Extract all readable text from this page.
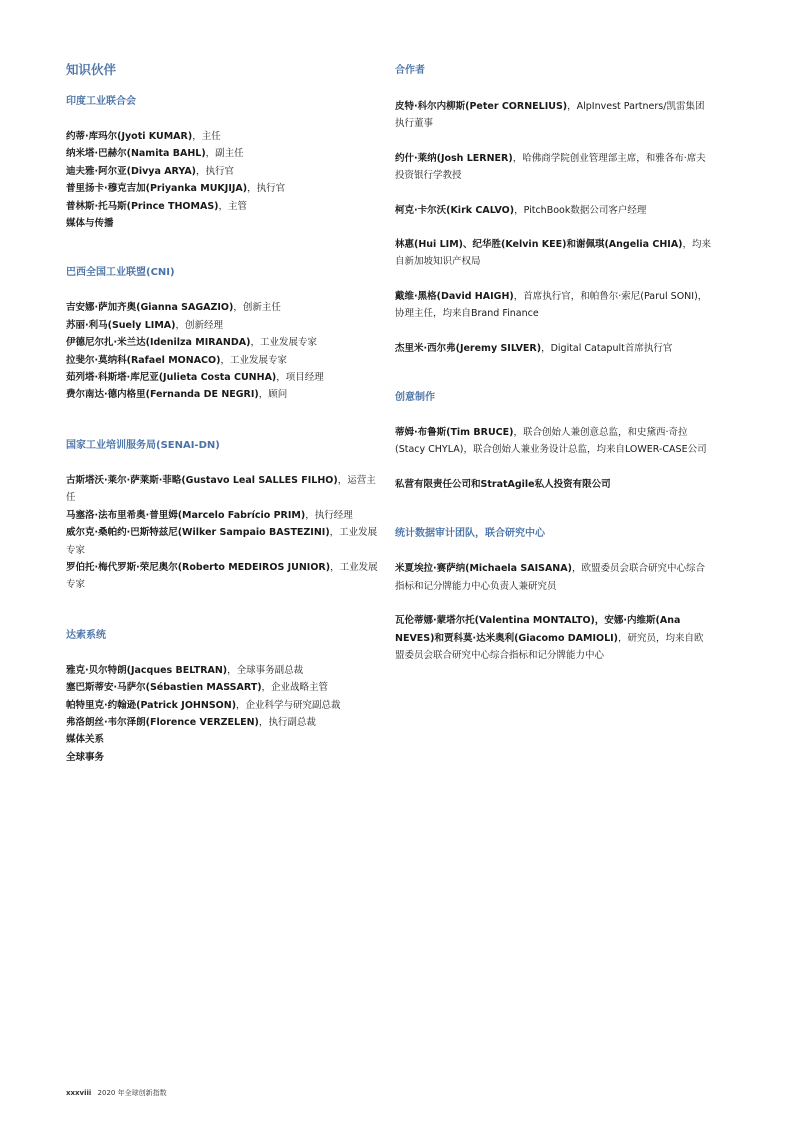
知识伙伴
印度工业联合会
约蒂·库玛尔(Jyoti KUMAR)，主任
纳米塔·巴赫尔(Namita BAHL)，副主任
迪夫雅·阿尔亚(Divya ARYA)，执行官
普里扬卡·穆克吉加(Priyanka MUKJIJA)，执行官
普林斯·托马斯(Prince THOMAS)，主管
媒体与传播
巴西全国工业联盟(CNI)
吉安娜·萨加齐奥(Gianna SAGAZIO)，创新主任
苏丽·利马(Suely LIMA)，创新经理
伊德尼尔扎·米兰达(Idenilza MIRANDA)，工业发展专家
拉斐尔·莫纳科(Rafael MONACO)，工业发展专家
茹列塔·科斯塔·库尼亚(Julieta Costa CUNHA)，项目经理
费尔南达·德内格里(Fernanda DE NEGRI)，顾问
国家工业培训服务局(SENAI-DN)
古斯塔沃·莱尔·萨莱斯·菲略(Gustavo Leal SALLES FILHO)，运营主任
马塞洛·法布里希奥·普里姆(Marcelo Fabrício PRIM)，执行经理
威尔克·桑帕约·巴斯特兹尼(Wilker Sampaio BASTEZINI)，工业发展专家
罗伯托·梅代罗斯·荣尼奥尔(Roberto MEDEIROS JUNIOR)，工业发展专家
达索系统
雅克·贝尔特朗(Jacques BELTRAN)，全球事务副总裁
塞巴斯蒂安·马萨尔(Sébastien MASSART)，企业战略主管
帕特里克·约翰逊(Patrick JOHNSON)，企业科学与研究副总裁
弗洛朗丝·韦尔泽朗(Florence VERZELEN)，执行副总裁
媒体关系
全球事务
合作者
皮特·科尔内柳斯(Peter CORNELIUS)，AlpInvest Partners/凯雷集团执行董事
约什·莱纳(Josh LERNER)，哈佛商学院创业管理部主席，和雅各布·席夫投资银行学教授
柯克·卡尔沃(Kirk CALVO)，PitchBook数据公司客户经理
林惠(Hui LIM)、纪华胜(Kelvin KEE)和谢佩琪(Angelia CHIA)，均来自新加坡知识产权局
戴维·黑格(David HAIGH)，首席执行官，和帕鲁尔·索尼(Parul SONI)，协理主任，均来自Brand Finance
杰里米·西尔弗(Jeremy SILVER)，Digital Catapult首席执行官
创意制作
蒂姆·布鲁斯(Tim BRUCE)，联合创始人兼创意总监，和史黛西·奇拉(Stacy CHYLA)，联合创始人兼业务设计总监，均来自LOWER-CASE公司
私营有限责任公司和StratAgile私人投资有限公司
统计数据审计团队，联合研究中心
米夏埃拉·赛萨纳(Michaela SAISANA)，欧盟委员会联合研究中心综合指标和记分牌能力中心负责人兼研究员
瓦伦蒂娜·蒙塔尔托(Valentina MONTALTO)，安娜·内维斯(Ana NEVES)和贾科莫·达米奥利(Giacomo DAMIOLI)，研究员，均来自欧盟委员会联合研究中心综合指标和记分牌能力中心
xxxviii 2020 年全球创新指数
